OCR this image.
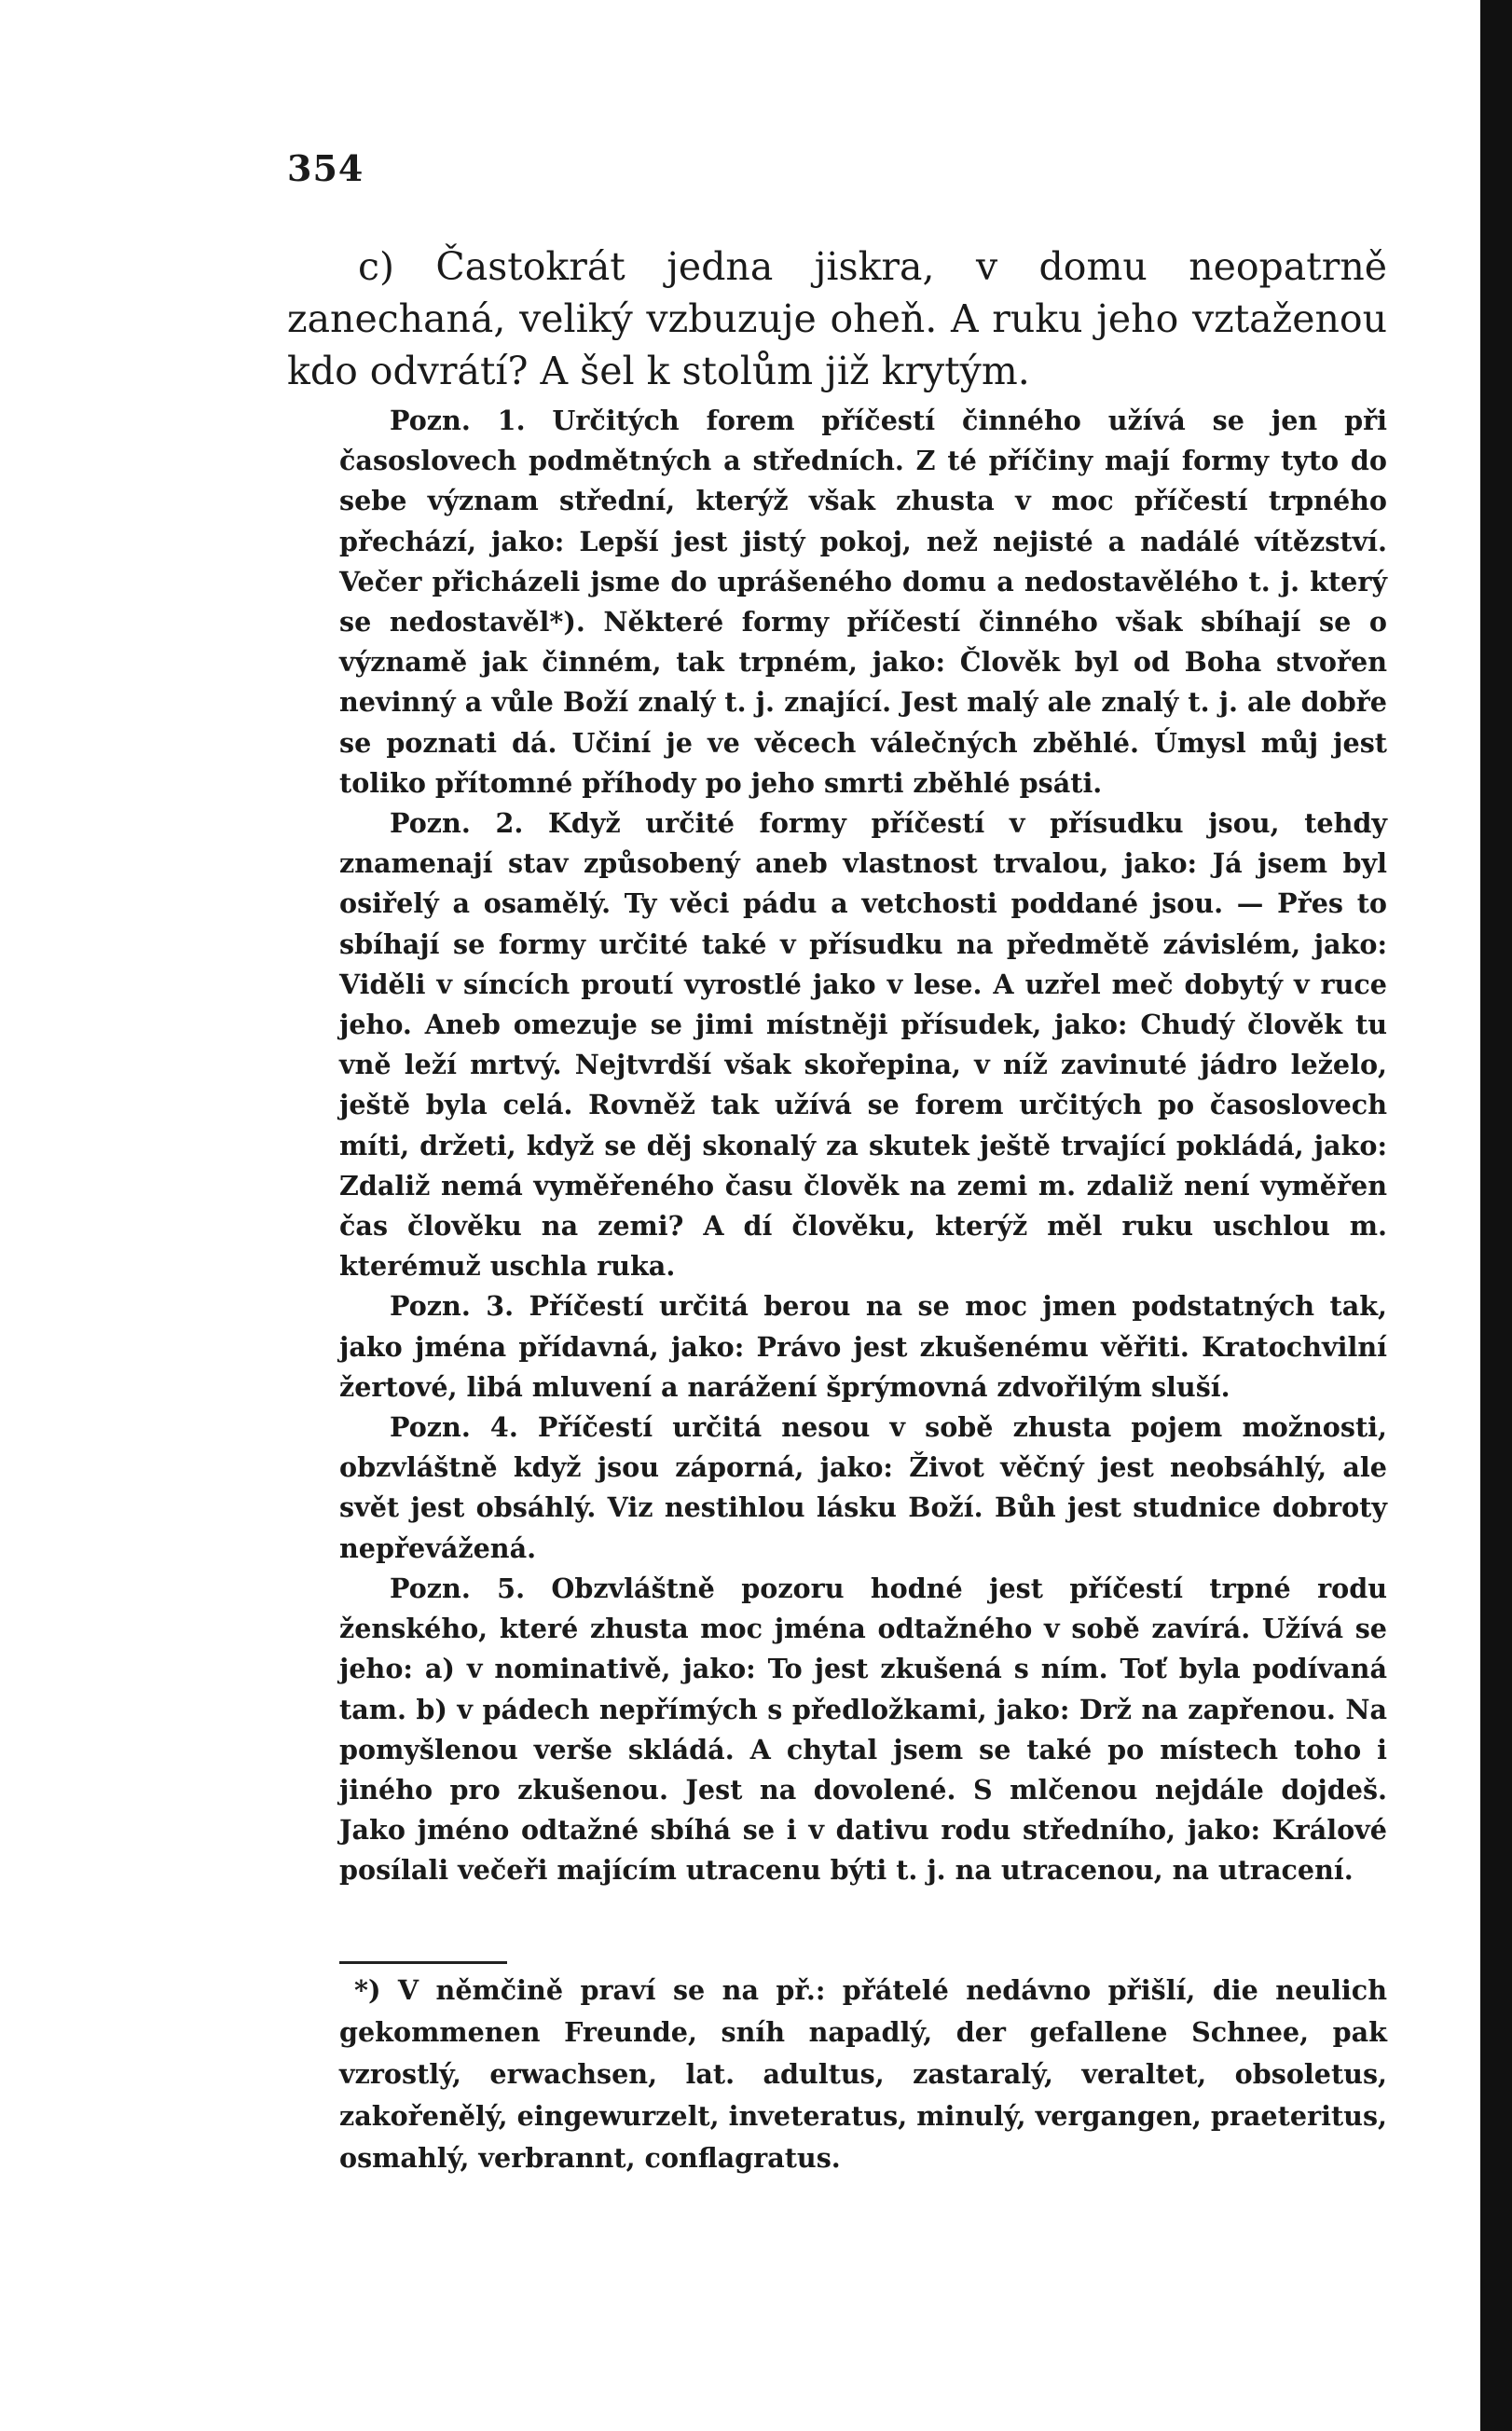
354

c) Častokrát jedna jiskra, v domu neopatrně zanechaná, veliký vzbuzuje oheň. A ruku jeho vztaženou kdo odvrátí? A šel k stolům již krytým.

Pozn. 1. Určitých forem příčestí činného užívá se jen při časoslovech podmětných a středních. Z té příčiny mají formy tyto do sebe význam střední, kterýž však zhusta v moc příčestí trpného přechází, jako: Lepší jest jistý pokoj, než nejisté a nadálé vítězství. Večer přicházeli jsme do uprášeného domu a nedostavělého t. j. který se nedostavěl*). Některé formy příčestí činného však sbíhají se o významě jak činném, tak trpném, jako: Člověk byl od Boha stvořen nevinný a vůle Boží znalý t. j. znající. Jest malý ale znalý t. j. ale dobře se poznati dá. Učiní je ve věcech válečných zběhlé. Úmysl můj jest toliko přítomné příhody po jeho smrti zběhlé psáti.

Pozn. 2. Když určité formy příčestí v přísudku jsou, tehdy znamenají stav způsobený aneb vlastnost trvalou, jako: Já jsem byl osiřelý a osamělý. Ty věci pádu a vetchosti poddané jsou. — Přes to sbíhají se formy určité také v přísudku na předmětě závislém, jako: Viděli v síncích proutí vyrostlé jako v lese. A uzřel meč dobytý v ruce jeho. Aneb omezuje se jimi místněji přísudek, jako: Chudý člověk tu vně leží mrtvý. Nejtvrdší však skořepina, v níž zavinuté jádro leželo, ještě byla celá. Rovněž tak užívá se forem určitých po časoslovech míti, držeti, když se děj skonalý za skutek ještě trvající pokládá, jako: Zdaliž nemá vyměřeného času člověk na zemi m. zdaliž není vyměřen čas člověku na zemi? A dí člověku, kterýž měl ruku uschlou m. kterémuž uschla ruka.

Pozn. 3. Příčestí určitá berou na se moc jmen podstatných tak, jako jména přídavná, jako: Právo jest zkušenému věřiti. Kratochvilní žertové, libá mluvení a narážení šprýmovná zdvořilým sluší.

Pozn. 4. Příčestí určitá nesou v sobě zhusta pojem možnosti, obzvláštně když jsou záporná, jako: Život věčný jest neobsáhlý, ale svět jest obsáhlý. Viz nestihlou lásku Boží. Bůh jest studnice dobroty nepřevážená.

Pozn. 5. Obzvláštně pozoru hodné jest příčestí trpné rodu ženského, které zhusta moc jména odtažného v sobě zavírá. Užívá se jeho: a) v nominativě, jako: To jest zkušená s ním. Toť byla podívaná tam. b) v pádech nepřímých s předložkami, jako: Drž na zapřenou. Na pomyšlenou verše skládá. A chytal jsem se také po místech toho i jiného pro zkušenou. Jest na dovolené. S mlčenou nejdále dojdeš. Jako jméno odtažné sbíhá se i v dativu rodu středního, jako: Králové posílali večeři majícím utracenu býti t. j. na utracenou, na utracení.

*) V němčině praví se na př.: přátelé nedávno přišlí, die neulich gekommenen Freunde, sníh napadlý, der gefallene Schnee, pak vzrostlý, erwachsen, lat. adultus, zastaralý, veraltet, obsoletus, zakořenělý, eingewurzelt, inveteratus, minulý, vergangen, praeteritus, osmahlý, verbrannt, conflagratus.
